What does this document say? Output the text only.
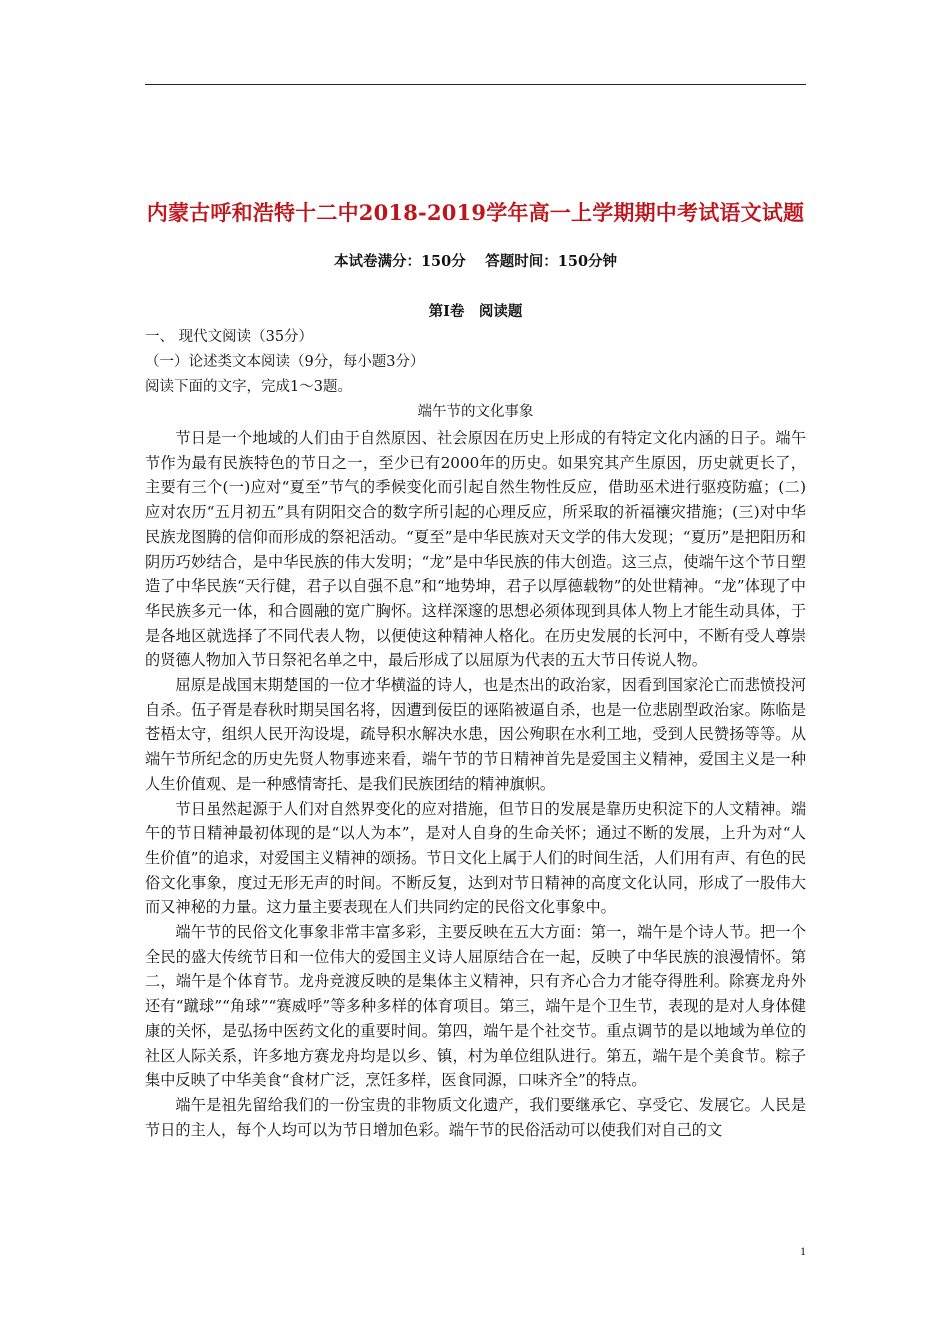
内蒙古呼和浩特十二中2018-2019学年高一上学期期中考试语文试题
本试卷满分：150分　 答题时间：150分钟
第Ⅰ卷　阅读题
一、 现代文阅读（35分）
（一）论述类文本阅读（9分，每小题3分）
阅读下面的文字，完成1～3题。
端午节的文化事象

节日是一个地域的人们由于自然原因、社会原因在历史上形成的有特定文化内涵的日子。端午节作为最有民族特色的节日之一，至少已有2000年的历史。如果究其产生原因，历史就更长了，主要有三个(一)应对“夏至”节气的季候变化而引起自然生物性反应，借助巫术进行驱疫防瘟；(二)应对农历“五月初五”具有阴阳交合的数字所引起的心理反应，所采取的祈福禳灾措施；(三)对中华民族龙图腾的信仰而形成的祭祀活动。“夏至”是中华民族对天文学的伟大发现；“夏历”是把阳历和阴历巧妙结合，是中华民族的伟大发明；“龙”是中华民族的伟大创造。这三点，使端午这个节日塑造了中华民族“天行健，君子以自强不息”和“地势坤，君子以厚德载物”的处世精神。“龙”体现了中华民族多元一体，和合圆融的宽广胸怀。这样深邃的思想必须体现到具体人物上才能生动具体，于是各地区就选择了不同代表人物，以便使这种精神人格化。在历史发展的长河中，不断有受人尊崇的贤德人物加入节日祭祀名单之中，最后形成了以屈原为代表的五大节日传说人物。

屈原是战国末期楚国的一位才华横溢的诗人，也是杰出的政治家，因看到国家沦亡而悲愤投河自杀。伍子胥是春秋时期吴国名将，因遭到佞臣的诬陷被逼自杀，也是一位悲剧型政治家。陈临是苍梧太守，组织人民开沟设堤，疏导积水解决水患，因公殉职在水利工地，受到人民赞扬等等。从端午节所纪念的历史先贤人物事迹来看，端午节的节日精神首先是爱国主义精神，爱国主义是一种人生价值观、是一种感情寄托、是我们民族团结的精神旗帜。

节日虽然起源于人们对自然界变化的应对措施，但节日的发展是靠历史积淀下的人文精神。端午的节日精神最初体现的是“以人为本”，是对人自身的生命关怀；通过不断的发展，上升为对“人生价值”的追求，对爱国主义精神的颂扬。节日文化上属于人们的时间生活，人们用有声、有色的民俗文化事象，度过无形无声的时间。不断反复，达到对节日精神的高度文化认同，形成了一股伟大而又神秘的力量。这力量主要表现在人们共同约定的民俗文化事象中。

端午节的民俗文化事象非常丰富多彩，主要反映在五大方面：第一，端午是个诗人节。把一个全民的盛大传统节日和一位伟大的爱国主义诗人屈原结合在一起，反映了中华民族的浪漫情怀。第二，端午是个体育节。龙舟竞渡反映的是集体主义精神，只有齐心合力才能夺得胜利。除赛龙舟外还有“蹴球”“角球”“赛威呼”等多种多样的体育项目。第三，端午是个卫生节，表现的是对人身体健康的关怀，是弘扬中医药文化的重要时间。第四，端午是个社交节。重点调节的是以地域为单位的社区人际关系，许多地方赛龙舟均是以乡、镇，村为单位组队进行。第五，端午是个美食节。粽子集中反映了中华美食“食材广泛，烹饪多样，医食同源，口味齐全”的特点。

端午是祖先留给我们的一份宝贵的非物质文化遗产，我们要继承它、享受它、发展它。人民是节日的主人，每个人均可以为节日增加色彩。端午节的民俗活动可以使我们对自己的文

1
